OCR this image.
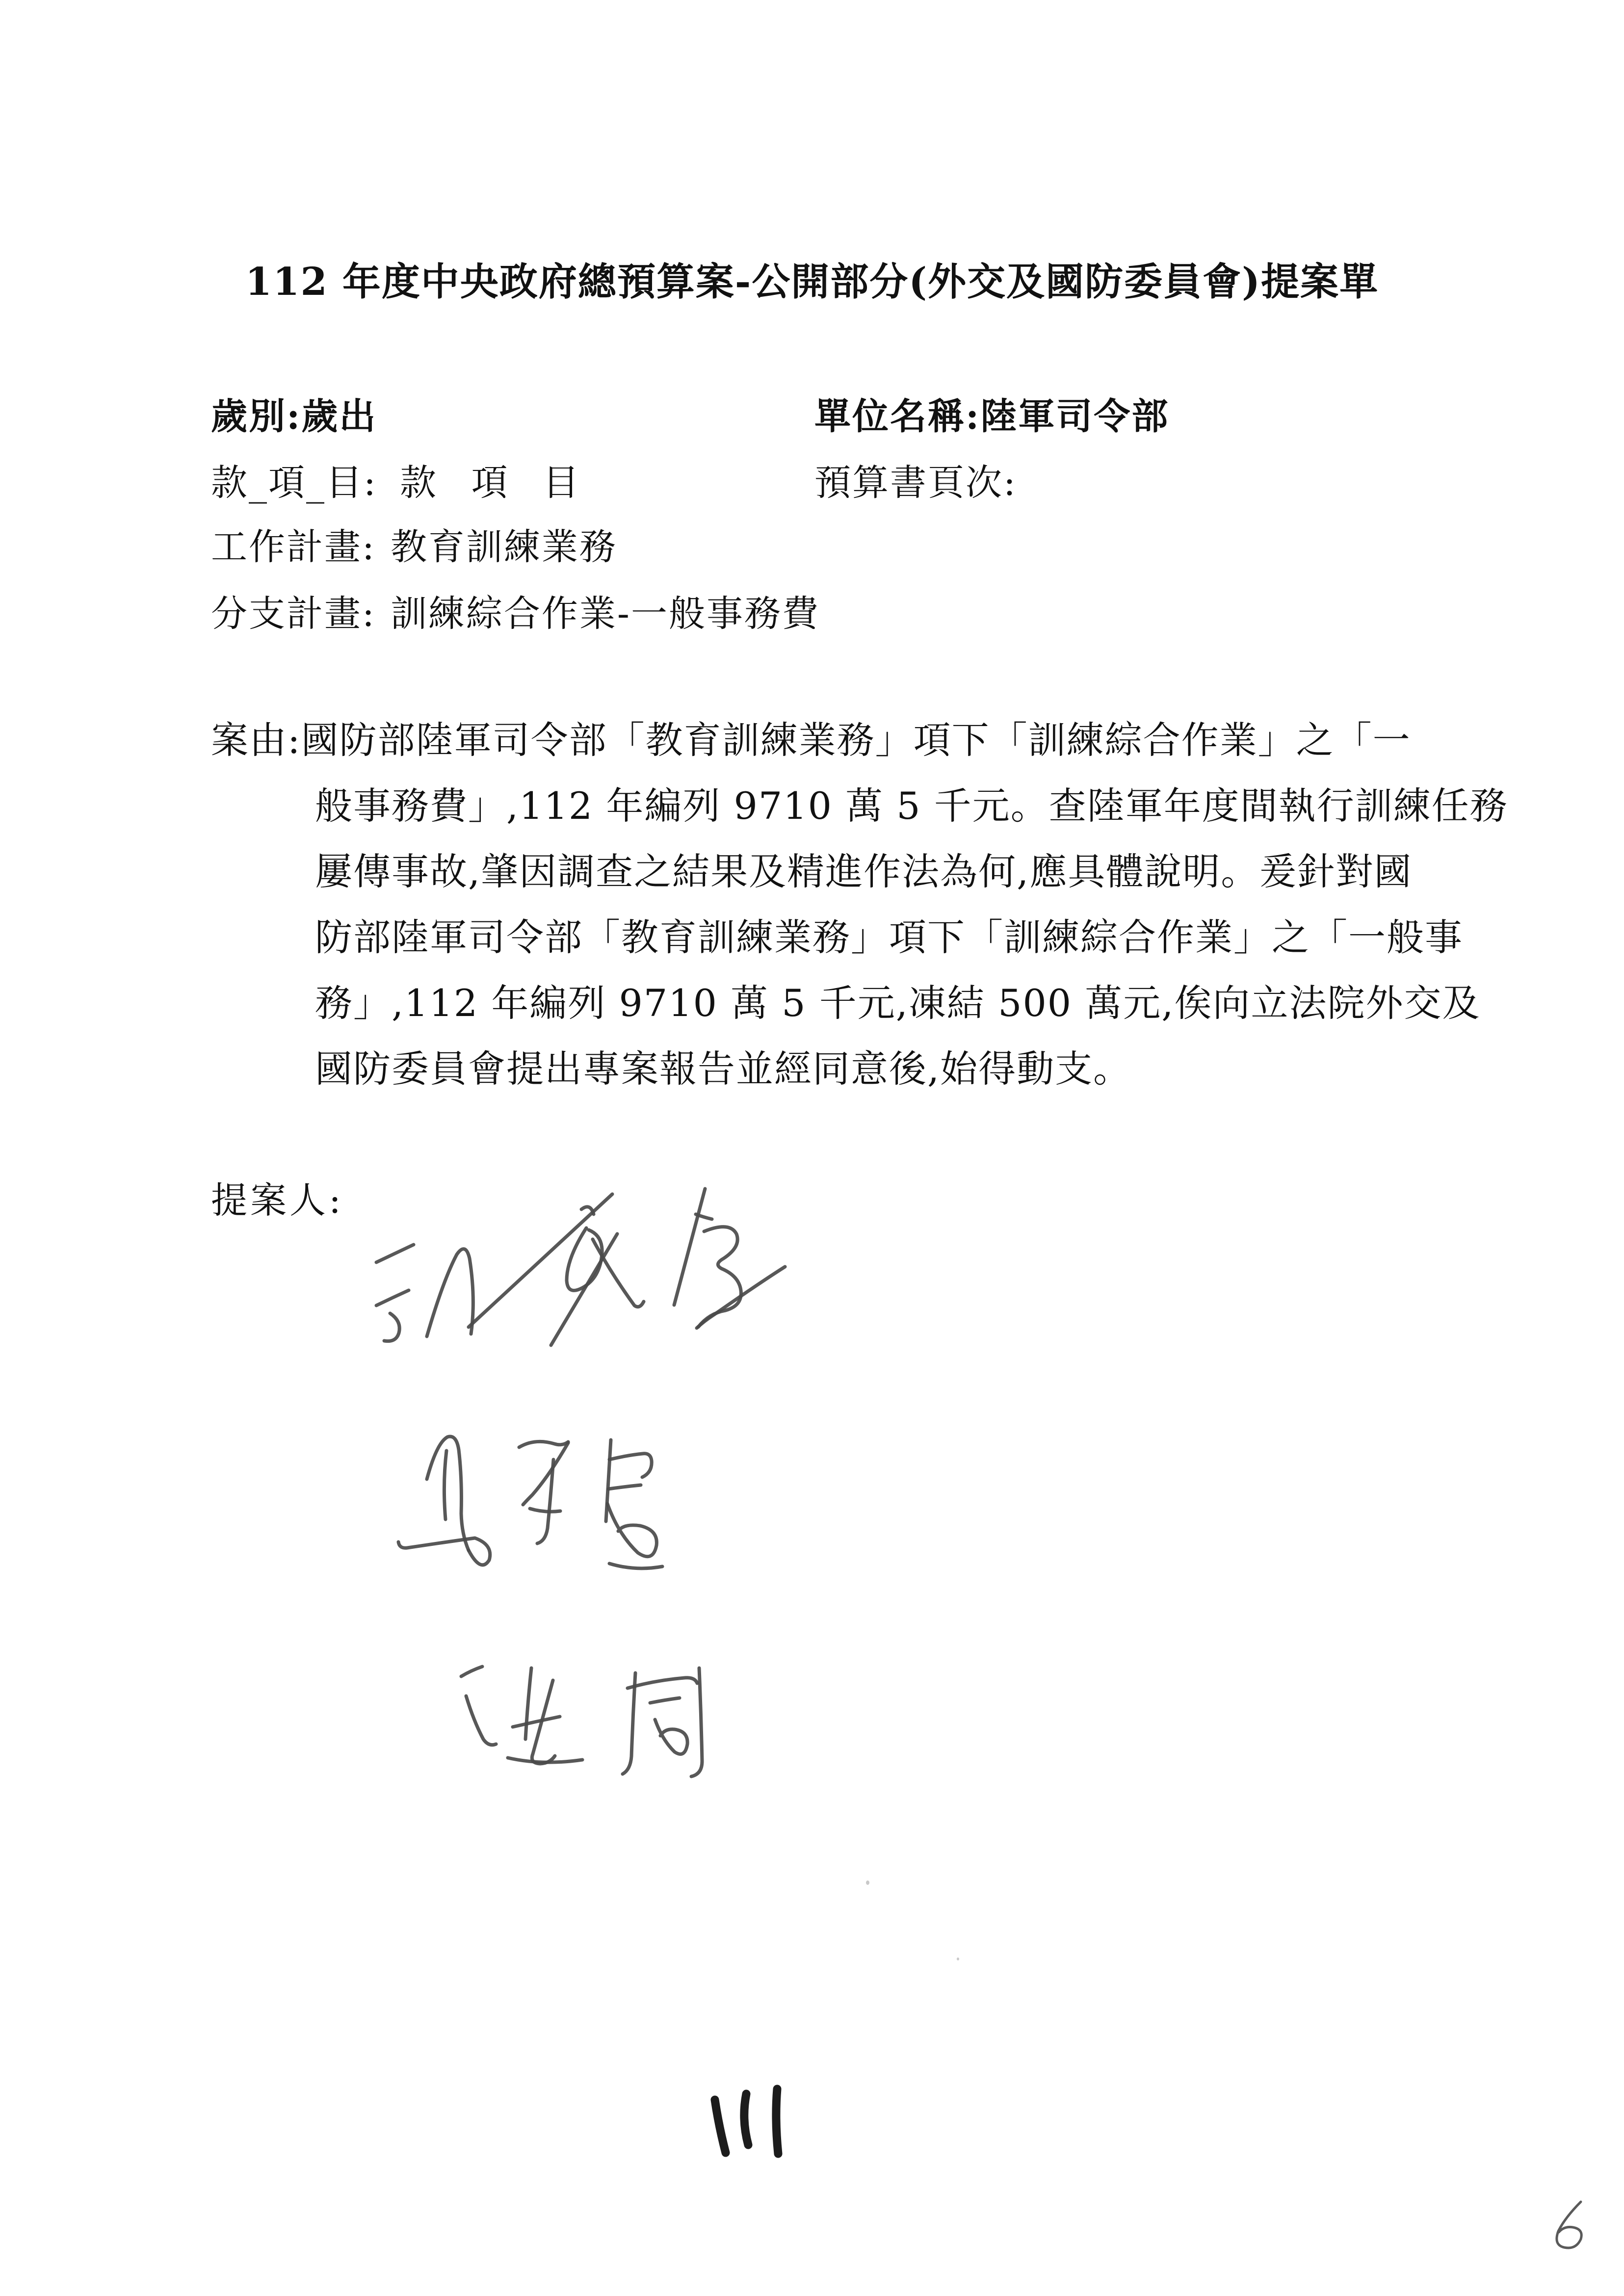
112 年度中央政府總預算案-公開部分(外交及國防委員會)提案單
歲別:歲出	單位名稱:陸軍司令部
款_項_目: 款 項 目	預算書頁次:
工作計畫: 教育訓練業務
分支計畫: 訓練綜合作業-一般事務費
案由:國防部陸軍司令部「教育訓練業務」項下「訓練綜合作業」之「一
般事務費」,112 年編列 9710 萬 5 千元。查陸軍年度間執行訓練任務
屢傳事故,肇因調查之結果及精進作法為何,應具體說明。爰針對國
防部陸軍司令部「教育訓練業務」項下「訓練綜合作業」之「一般事
務」,112 年編列 9710 萬 5 千元,凍結 500 萬元,俟向立法院外交及
國防委員會提出專案報告並經同意後,始得動支。
提案人:
